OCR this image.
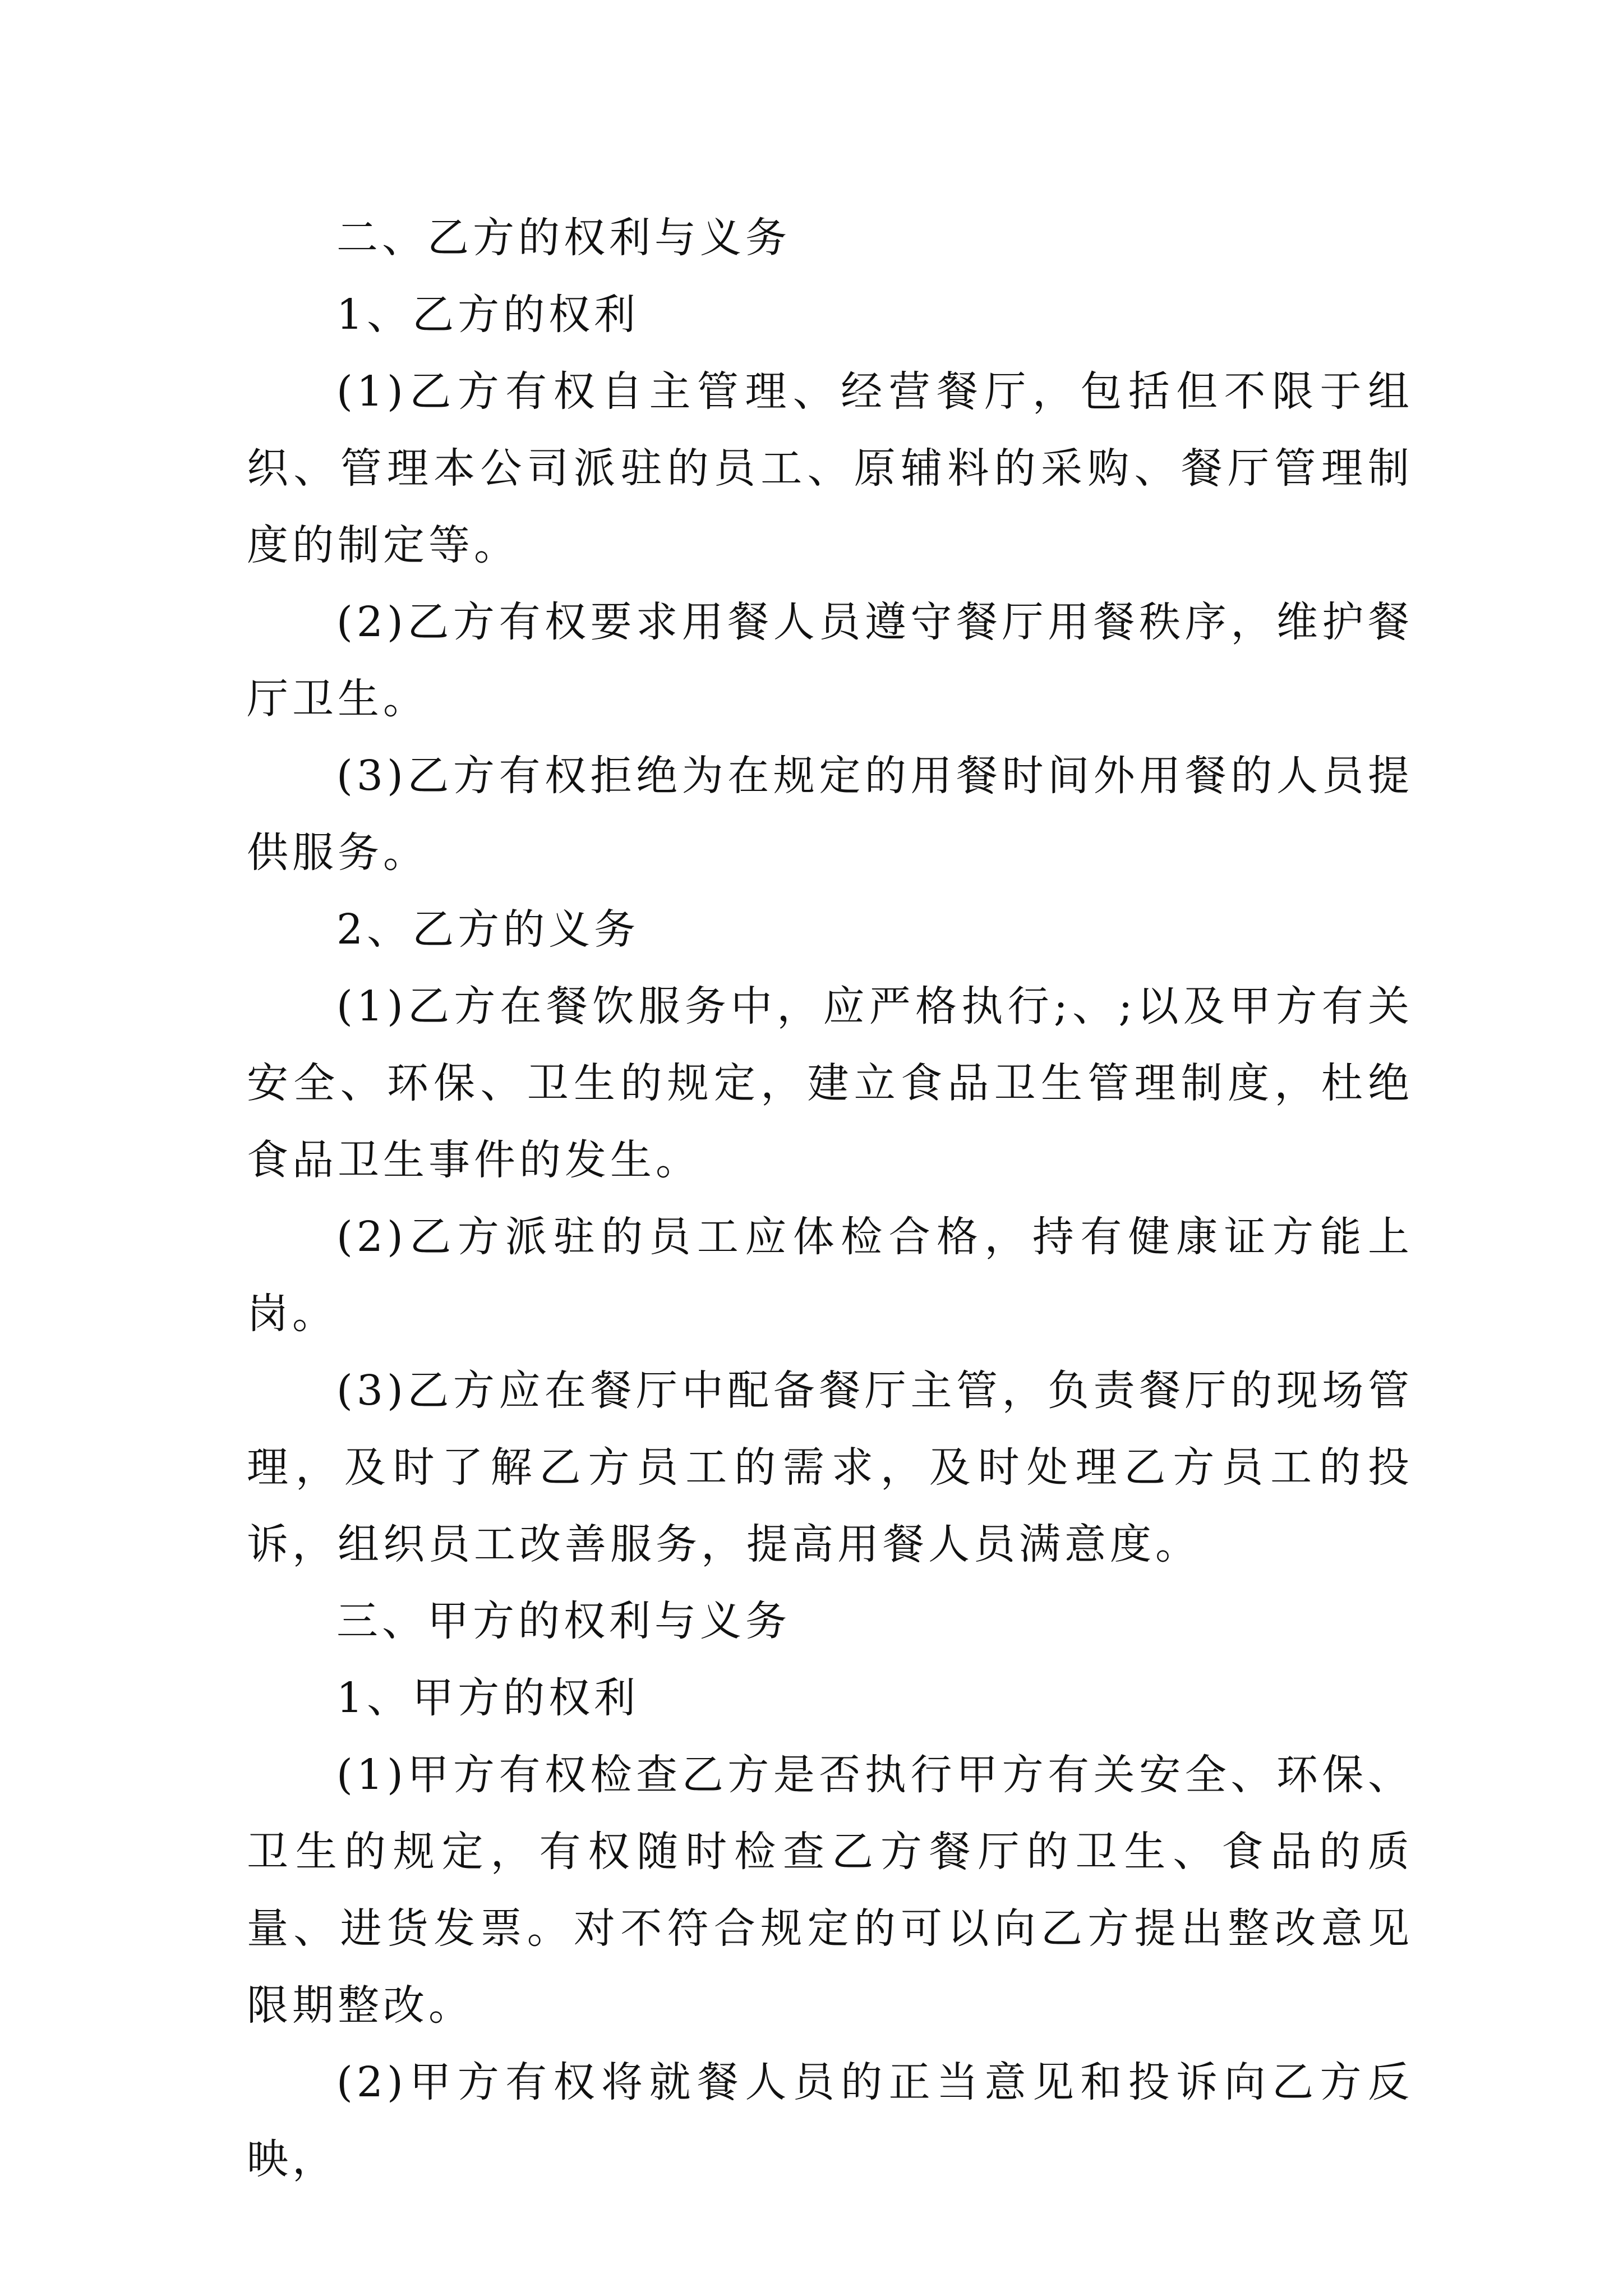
二、乙方的权利与义务

1、乙方的权利

(1)乙方有权自主管理、经营餐厅，包括但不限于组织、管理本公司派驻的员工、原辅料的采购、餐厅管理制度的制定等。

(2)乙方有权要求用餐人员遵守餐厅用餐秩序，维护餐厅卫生。

(3)乙方有权拒绝为在规定的用餐时间外用餐的人员提供服务。

2、乙方的义务

(1)乙方在餐饮服务中，应严格执行;、;以及甲方有关安全、环保、卫生的规定，建立食品卫生管理制度，杜绝食品卫生事件的发生。

(2)乙方派驻的员工应体检合格，持有健康证方能上岗。

(3)乙方应在餐厅中配备餐厅主管，负责餐厅的现场管理，及时了解乙方员工的需求，及时处理乙方员工的投诉，组织员工改善服务，提高用餐人员满意度。

三、甲方的权利与义务

1、甲方的权利

(1)甲方有权检查乙方是否执行甲方有关安全、环保、卫生的规定，有权随时检查乙方餐厅的卫生、食品的质量、进货发票。对不符合规定的可以向乙方提出整改意见限期整改。

(2)甲方有权将就餐人员的正当意见和投诉向乙方反映，
